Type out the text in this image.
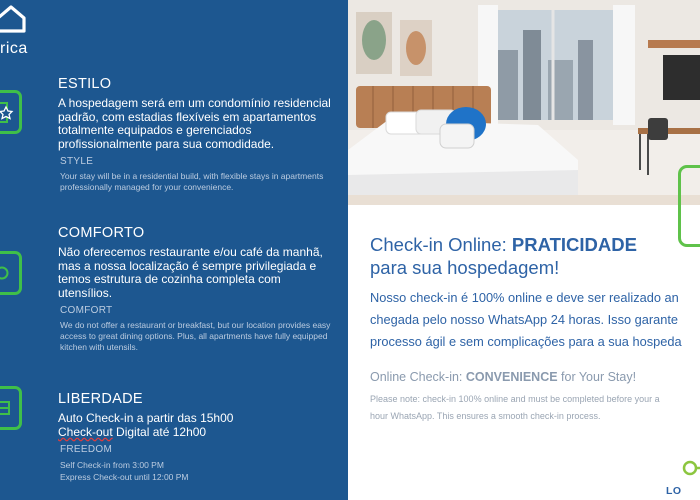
rica
ESTILO

A hospedagem será em um condomínio residencial padrão, com estadias flexíveis em apartamentos totalmente equipados e gerenciados profissionalmente para sua comodidade.

STYLE

Your stay will be in a residential build, with flexible stays in apartments professionally managed for your convenience.

COMFORTO

Não oferecemos restaurante e/ou café da manhã, mas a nossa localização é sempre privilegiada e temos estrutura de cozinha completa com utensílios.

COMFORT

We do not offer a restaurant or breakfast, but our location provides easy access to great dining options. Plus, all apartments have fully equipped kitchen with utensils.

LIBERDADE

Auto Check-in a partir das 15h00
Check-out Digital até 12h00

FREEDOM

Self Check-in from 3:00 PM
Express Check-out until 12:00 PM

Check-in Online: PRATICIDADE
para sua hospedagem!
Nosso check-in é 100% online e deve ser realizado an
chegada pelo nosso WhatsApp 24 horas. Isso garante
processo ágil e sem complicações para a sua hospeda
Online Check-in: CONVENIENCE for Your Stay!
Please note: check-in 100% online and must be completed before your a
hour WhatsApp. This ensures a smooth check-in process.
LO
